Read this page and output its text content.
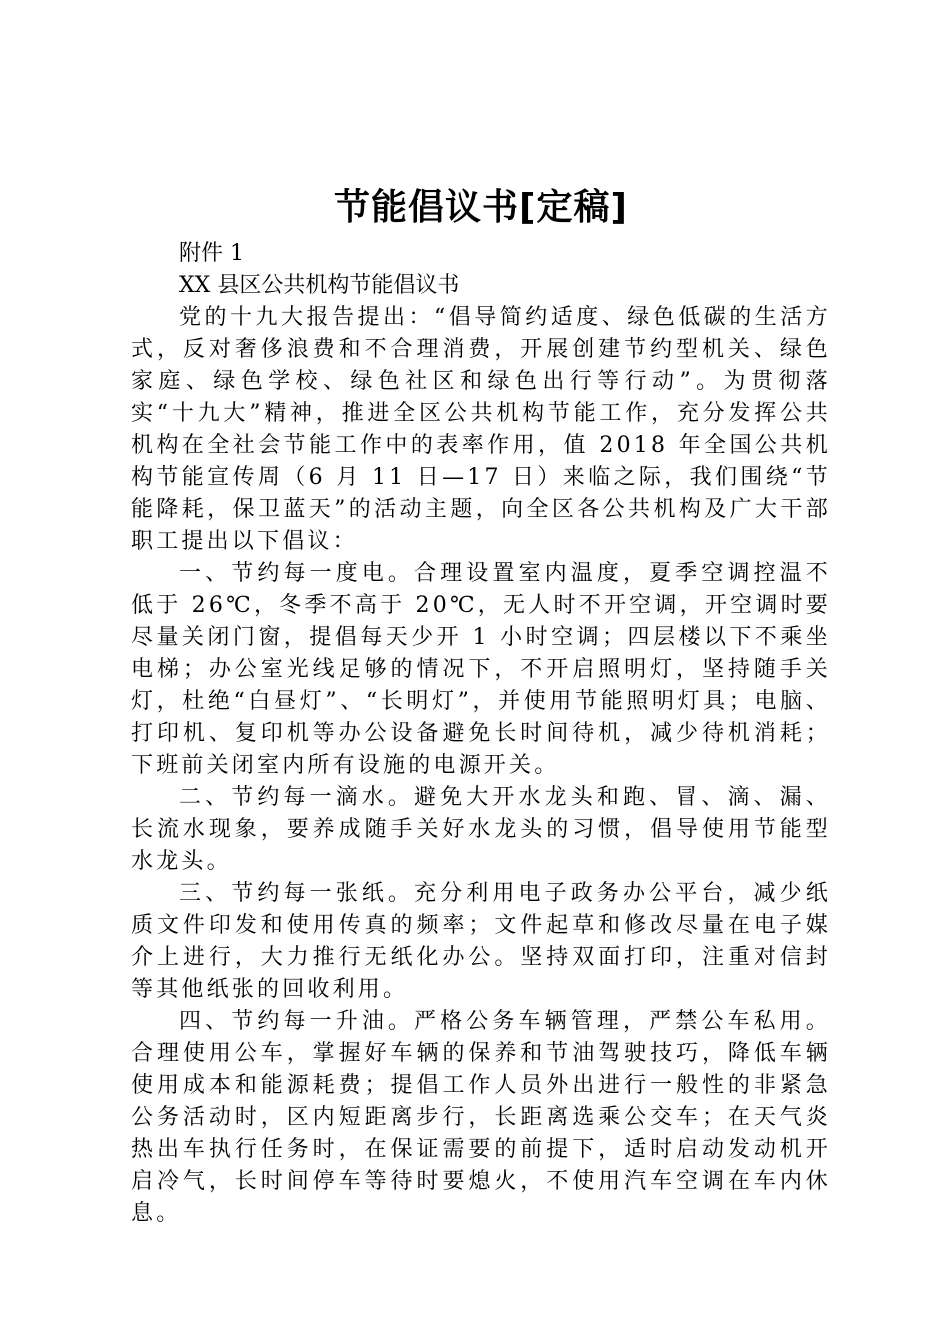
节能倡议书[定稿]

附件 1

XX 县区公共机构节能倡议书

党的十九大报告提出：“倡导简约适度、绿色低碳的生活方式，反对奢侈浪费和不合理消费，开展创建节约型机关、绿色家庭、绿色学校、绿色社区和绿色出行等行动”。为贯彻落实“十九大”精神，推进全区公共机构节能工作，充分发挥公共机构在全社会节能工作中的表率作用，值 2018 年全国公共机构节能宣传周（6 月 11 日—17 日）来临之际，我们围绕“节能降耗，保卫蓝天”的活动主题，向全区各公共机构及广大干部职工提出以下倡议：

一、节约每一度电。合理设置室内温度，夏季空调控温不低于 26℃，冬季不高于 20℃，无人时不开空调，开空调时要尽量关闭门窗，提倡每天少开 1 小时空调；四层楼以下不乘坐电梯；办公室光线足够的情况下，不开启照明灯，坚持随手关灯，杜绝“白昼灯”、“长明灯”，并使用节能照明灯具；电脑、打印机、复印机等办公设备避免长时间待机，减少待机消耗；下班前关闭室内所有设施的电源开关。

二、节约每一滴水。避免大开水龙头和跑、冒、滴、漏、长流水现象，要养成随手关好水龙头的习惯，倡导使用节能型水龙头。

三、节约每一张纸。充分利用电子政务办公平台，减少纸质文件印发和使用传真的频率；文件起草和修改尽量在电子媒介上进行，大力推行无纸化办公。坚持双面打印，注重对信封等其他纸张的回收利用。

四、节约每一升油。严格公务车辆管理，严禁公车私用。合理使用公车，掌握好车辆的保养和节油驾驶技巧，降低车辆使用成本和能源耗费；提倡工作人员外出进行一般性的非紧急公务活动时，区内短距离步行，长距离选乘公交车；在天气炎热出车执行任务时，在保证需要的前提下，适时启动发动机开启冷气，长时间停车等待时要熄火，不使用汽车空调在车内休息。
